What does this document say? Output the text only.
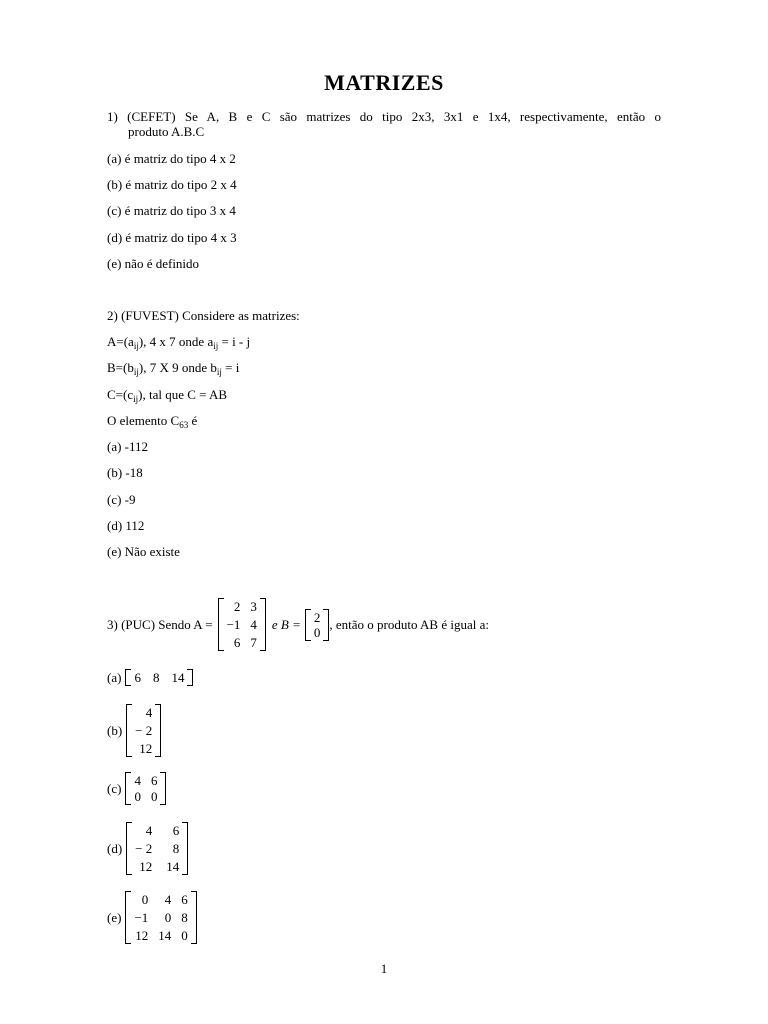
MATRIZES
1) (CEFET) Se A, B e C são matrizes do tipo 2x3, 3x1 e 1x4, respectivamente, então o
produto A.B.C
(a) é matriz do tipo 4 x 2
(b) é matriz do tipo 2 x 4
(c) é matriz do tipo 3 x 4
(d) é matriz do tipo 4 x 3
(e) não é definido
2) (FUVEST) Considere as matrizes:
$A=(a_{ij})$, 4 x 7 onde $a_{ij} = i - j$
$B=(b_{ij})$, 7 X 9 onde $b_{ij} = i$
$C=(c_{ij})$, tal que C = AB
O elemento $C_{63}$ é
(a) -112
(b) -18
(c) -9
(d) 112
(e) Não existe
3) (PUC) Sendo A =
2 3
−1 4
6 7
e B = 2
0
, então o produto AB é igual a:
(a) 6 8 14
(b)
4
− 2
12
(c) 4 6
0 0
(d)
4	6
− 2	8
12 14
(e)
0	4 6
−1	0 8
12 14 0
1
